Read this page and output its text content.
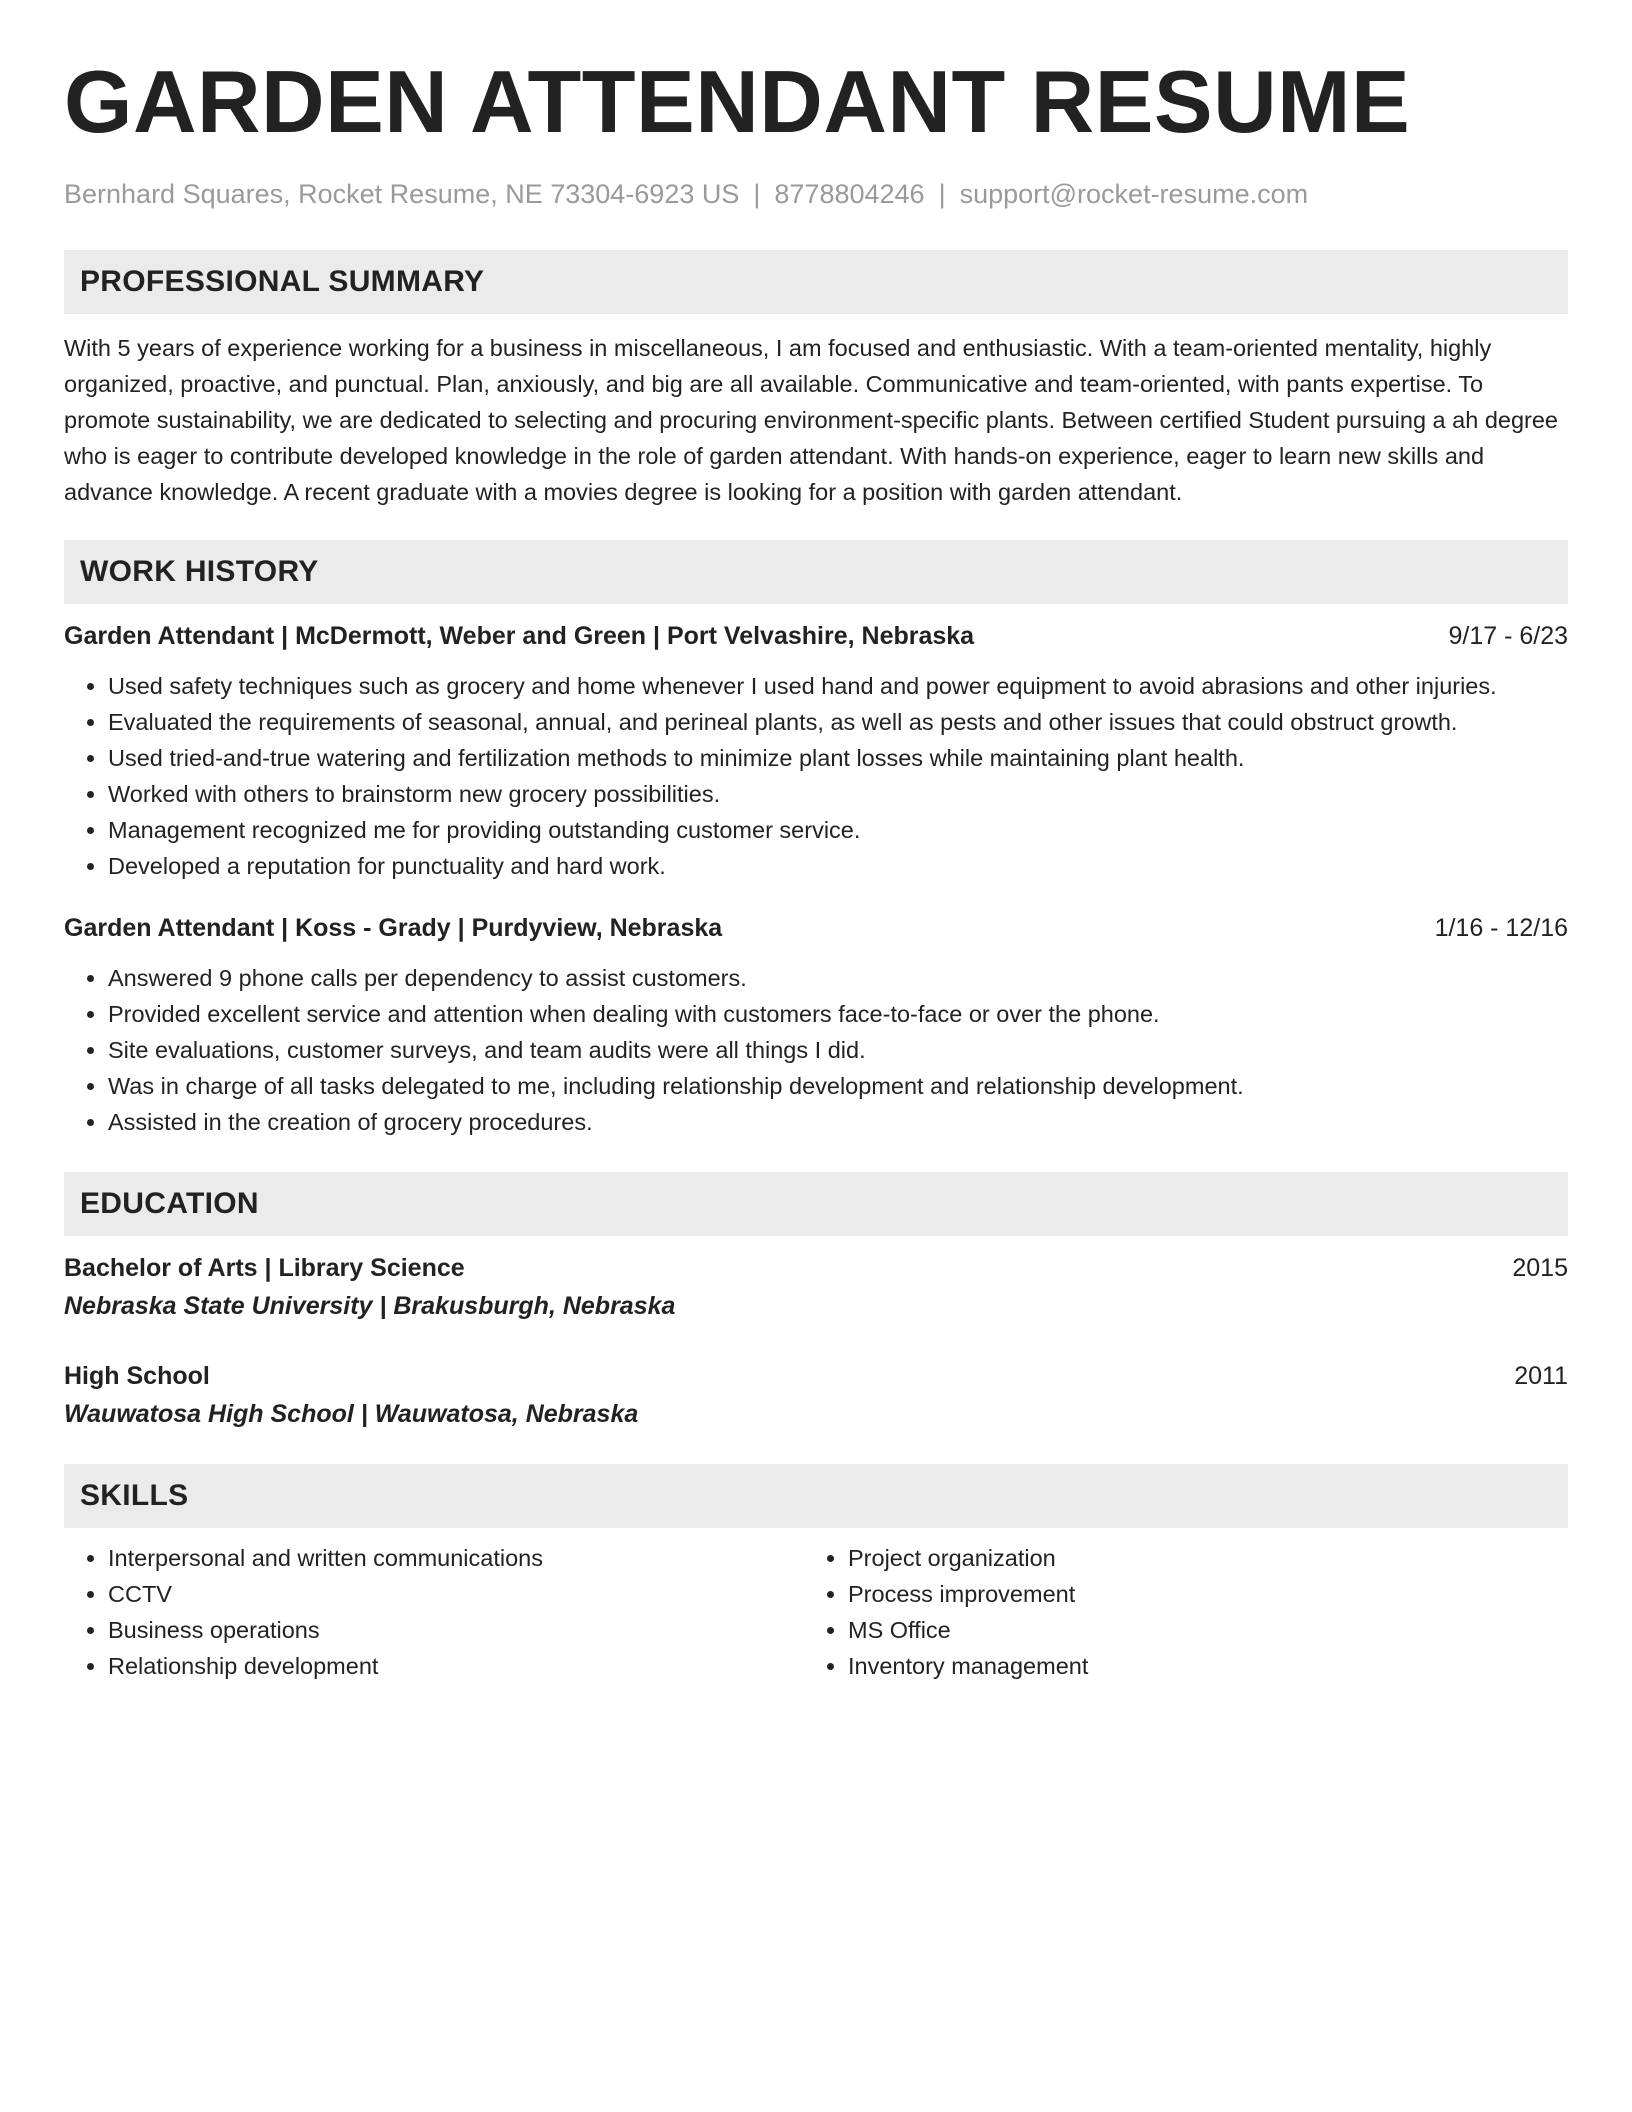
GARDEN ATTENDANT RESUME
Bernhard Squares, Rocket Resume, NE 73304-6923 US | 8778804246 | support@rocket-resume.com
PROFESSIONAL SUMMARY

With 5 years of experience working for a business in miscellaneous, I am focused and enthusiastic. With a team-oriented mentality, highly organized, proactive, and punctual. Plan, anxiously, and big are all available. Communicative and team-oriented, with pants expertise. To promote sustainability, we are dedicated to selecting and procuring environment-specific plants. Between certified Student pursuing a ah degree who is eager to contribute developed knowledge in the role of garden attendant. With hands-on experience, eager to learn new skills and advance knowledge. A recent graduate with a movies degree is looking for a position with garden attendant.

WORK HISTORY
Garden Attendant | McDermott, Weber and Green | Port Velvashire, Nebraska	9/17 - 6/23
• Used safety techniques such as grocery and home whenever I used hand and power equipment to avoid abrasions and other injuries.
• Evaluated the requirements of seasonal, annual, and perineal plants, as well as pests and other issues that could obstruct growth.
• Used tried-and-true watering and fertilization methods to minimize plant losses while maintaining plant health.
• Worked with others to brainstorm new grocery possibilities.
• Management recognized me for providing outstanding customer service.
• Developed a reputation for punctuality and hard work.
Garden Attendant | Koss - Grady | Purdyview, Nebraska	1/16 - 12/16
• Answered 9 phone calls per dependency to assist customers.
• Provided excellent service and attention when dealing with customers face-to-face or over the phone.
• Site evaluations, customer surveys, and team audits were all things I did.
• Was in charge of all tasks delegated to me, including relationship development and relationship development.
• Assisted in the creation of grocery procedures.
EDUCATION
Bachelor of Arts | Library Science	2015
Nebraska State University | Brakusburgh, Nebraska
High School	2011
Wauwatosa High School | Wauwatosa, Nebraska
SKILLS
• Interpersonal and written communications
• CCTV
• Business operations
• Relationship development
• Project organization
• Process improvement
• MS Office
• Inventory management
